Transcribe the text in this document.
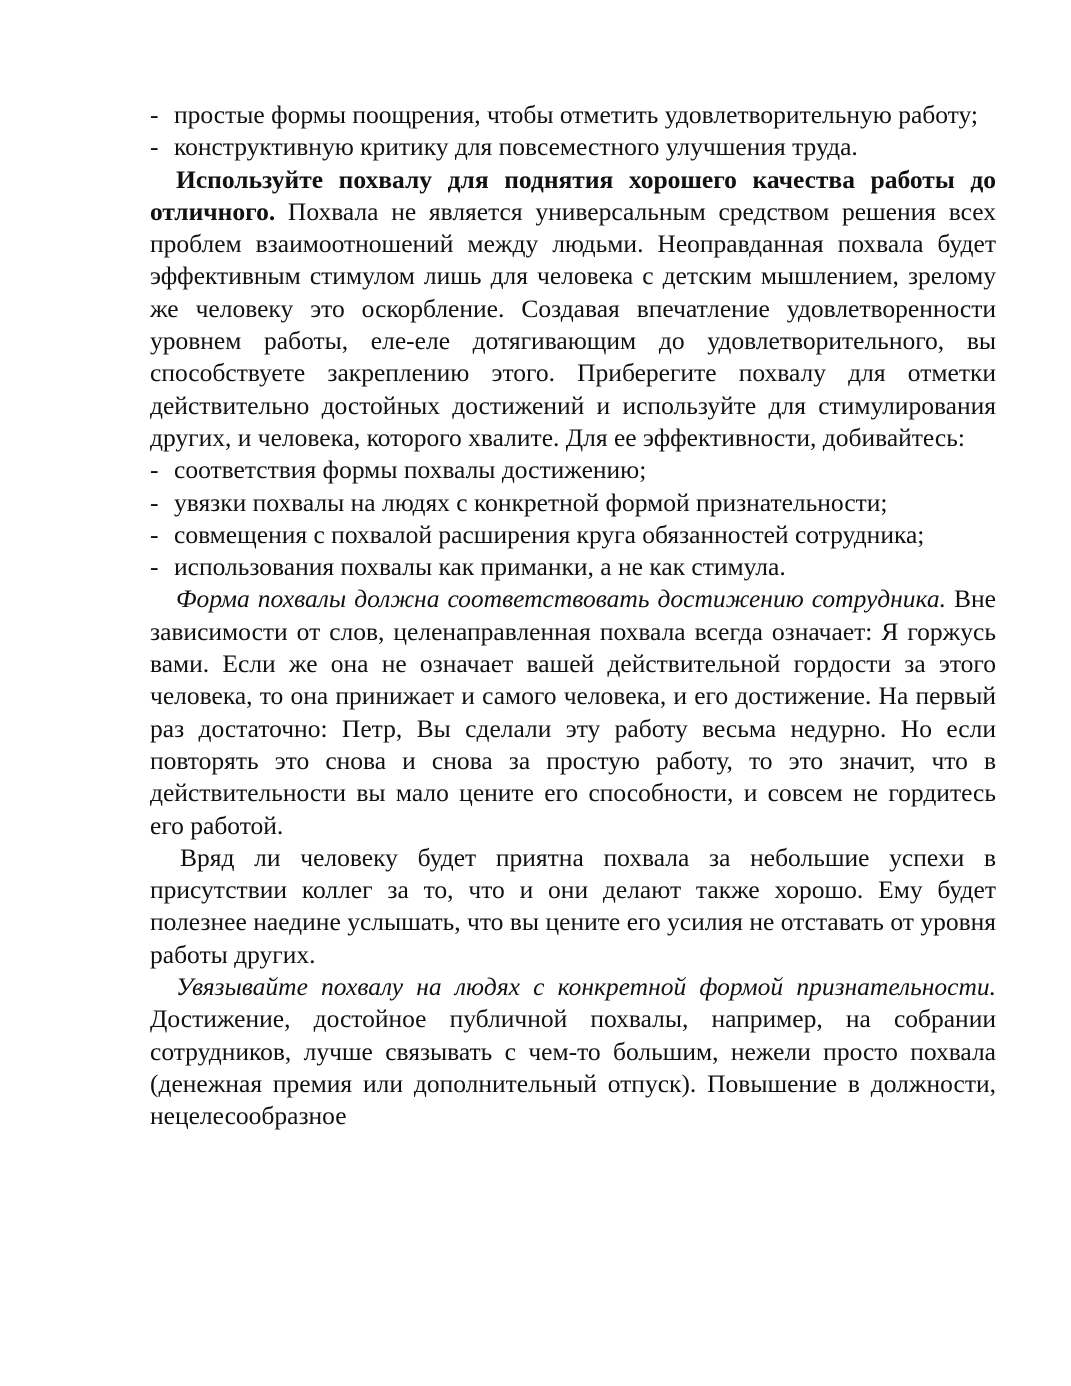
- простые формы поощрения, чтобы отметить удовлетворительную работу;
- конструктивную критику для повсеместного улучшения труда.
Используйте похвалу для поднятия хорошего качества работы до отличного. Похвала не является универсальным средством решения всех проблем взаимоотношений между людьми. Неоправданная похвала будет эффективным стимулом лишь для человека с детским мышлением, зрелому же человеку это оскорбление. Создавая впечатление удовлетворенности уровнем работы, еле-еле дотягивающим до удовлетворительного, вы способствуете закреплению этого. Приберегите похвалу для отметки действительно достойных достижений и используйте для стимулирования других, и человека, которого хвалите. Для ее эффективности, добивайтесь:
- соответствия формы похвалы достижению;
- увязки похвалы на людях с конкретной формой признательности;
- совмещения с похвалой расширения круга обязанностей сотрудника;
- использования похвалы как приманки, а не как стимула.
Форма похвалы должна соответствовать достижению сотрудника. Вне зависимости от слов, целенаправленная похвала всегда означает: Я горжусь вами. Если же она не означает вашей действительной гордости за этого человека, то она принижает и самого человека, и его достижение. На первый раз достаточно: Петр, Вы сделали эту работу весьма недурно. Но если повторять это снова и снова за простую работу, то это значит, что в действительности вы мало цените его способности, и совсем не гордитесь его работой.
Вряд ли человеку будет приятна похвала за небольшие успехи в присутствии коллег за то, что и они делают также хорошо. Ему будет полезнее наедине услышать, что вы цените его усилия не отставать от уровня работы других.
Увязывайте похвалу на людях с конкретной формой признательности. Достижение, достойное публичной похвалы, например, на собрании сотрудников, лучше связывать с чем-то большим, нежели просто похвала (денежная премия или дополнительный отпуск). Повышение в должности, нецелесообразное
